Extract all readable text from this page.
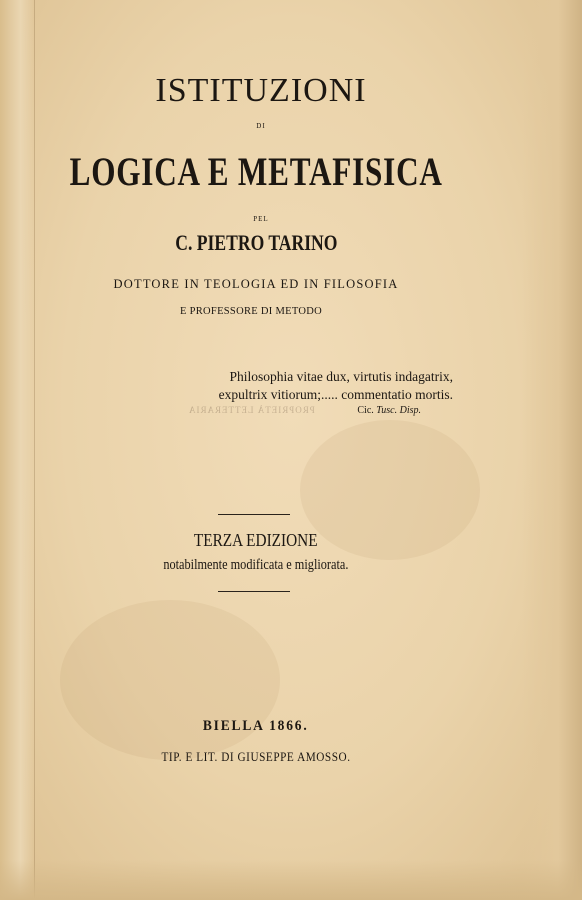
ISTITUZIONI
DI
LOGICA E METAFISICA
PEL
C. PIETRO TARINO
DOTTORE IN TEOLOGIA ED IN FILOSOFIA
E PROFESSORE DI METODO
Philosophia vitae dux, virtutis indagatrix,
expultrix vitiorum;..... commentatio mortis.
Cic. Tusc. Disp.
PROPRIETÀ LETTERARIA
TERZA EDIZIONE
notabilmente modificata e migliorata.
BIELLA 1866.
TIP. E LIT. DI GIUSEPPE AMOSSO.
